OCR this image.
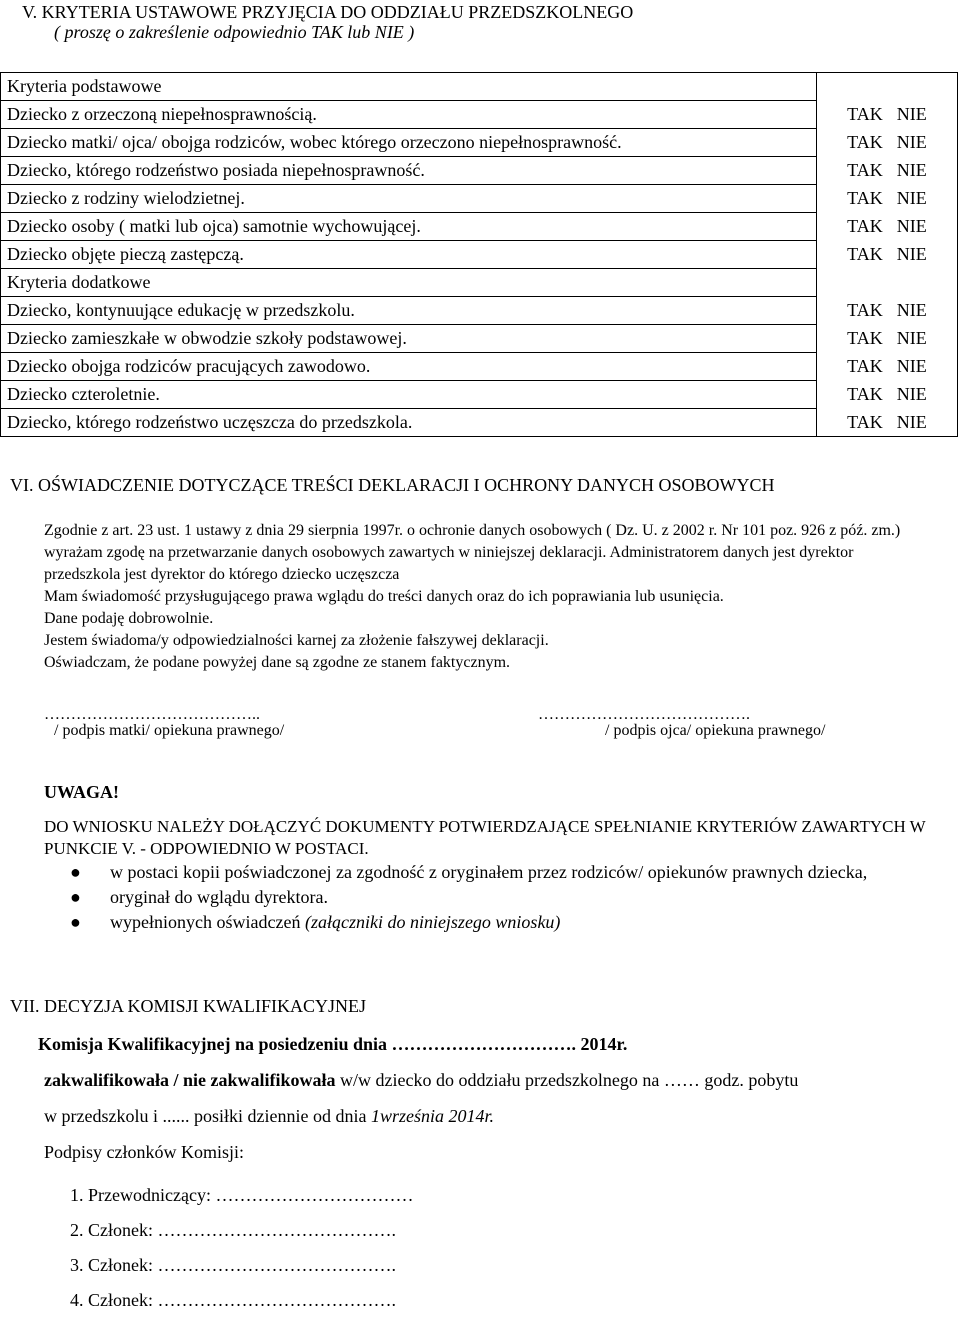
V. KRYTERIA USTAWOWE PRZYJĘCIA DO ODDZIAŁU PRZEDSZKOLNEGO
( proszę o zakreślenie odpowiednio TAK lub NIE )
Kryteria podstawowe	
Dziecko z orzeczoną niepełnosprawnością.	TAK NIE
Dziecko matki/ ojca/ obojga rodziców, wobec którego orzeczono niepełnosprawność.	TAK NIE
Dziecko, którego rodzeństwo posiada niepełnosprawność.	TAK NIE
Dziecko z rodziny wielodzietnej.	TAK NIE
Dziecko osoby ( matki lub ojca) samotnie wychowującej.	TAK NIE
Dziecko objęte pieczą zastępczą.	TAK NIE
Kryteria dodatkowe	
Dziecko, kontynuujące edukację w przedszkolu.	TAK NIE
Dziecko zamieszkałe w obwodzie szkoły podstawowej.	TAK NIE
Dziecko obojga rodziców pracujących zawodowo.	TAK NIE
Dziecko czteroletnie.	TAK NIE
Dziecko, którego rodzeństwo uczęszcza do przedszkola.	TAK NIE
VI. OŚWIADCZENIE DOTYCZĄCE TREŚCI DEKLARACJI I OCHRONY DANYCH OSOBOWYCH

Zgodnie z art. 23 ust. 1 ustawy z dnia 29 sierpnia 1997r. o ochronie danych osobowych ( Dz. U. z 2002 r. Nr 101 poz. 926 z póź. zm.) wyrażam zgodę na przetwarzanie danych osobowych zawartych w niniejszej deklaracji. Administratorem danych jest dyrektor przedszkola jest dyrektor do którego dziecko uczęszcza

Mam świadomość przysługującego prawa wglądu do treści danych oraz do ich poprawiania lub usunięcia.

Dane podaję dobrowolnie.

Jestem świadoma/y odpowiedzialności karnej za złożenie fałszywej deklaracji.

Oświadczam, że podane powyżej dane są zgodne ze stanem faktycznym.

…………………………………..	………………………………….
/ podpis matki/ opiekuna prawnego/	/ podpis ojca/ opiekuna prawnego/
UWAGA!
DO WNIOSKU NALEŻY DOŁĄCZYĆ DOKUMENTY POTWIERDZAJĄCE SPEŁNIANIE KRYTERIÓW ZAWARTYCH W PUNKCIE V. - ODPOWIEDNIO W POSTACI.
● w postaci kopii poświadczonej za zgodność z oryginałem przez rodziców/ opiekunów prawnych dziecka,
● oryginał do wglądu dyrektora.
● wypełnionych oświadczeń (załączniki do niniejszego wniosku)
VII. DECYZJA KOMISJI KWALIFIKACYJNEJ
Komisja Kwalifikacyjnej na posiedzeniu dnia …………………………. 2014r.
zakwalifikowała / nie zakwalifikowała w/w dziecko do oddziału przedszkolnego na …… godz. pobytu
w przedszkolu i ...... posiłki dziennie od dnia 1września 2014r.
Podpisy członków Komisji:
1. Przewodniczący: ……………………………
2. Członek: ………………………………….
3. Członek: ………………………………….
4. Członek: ………………………………….
